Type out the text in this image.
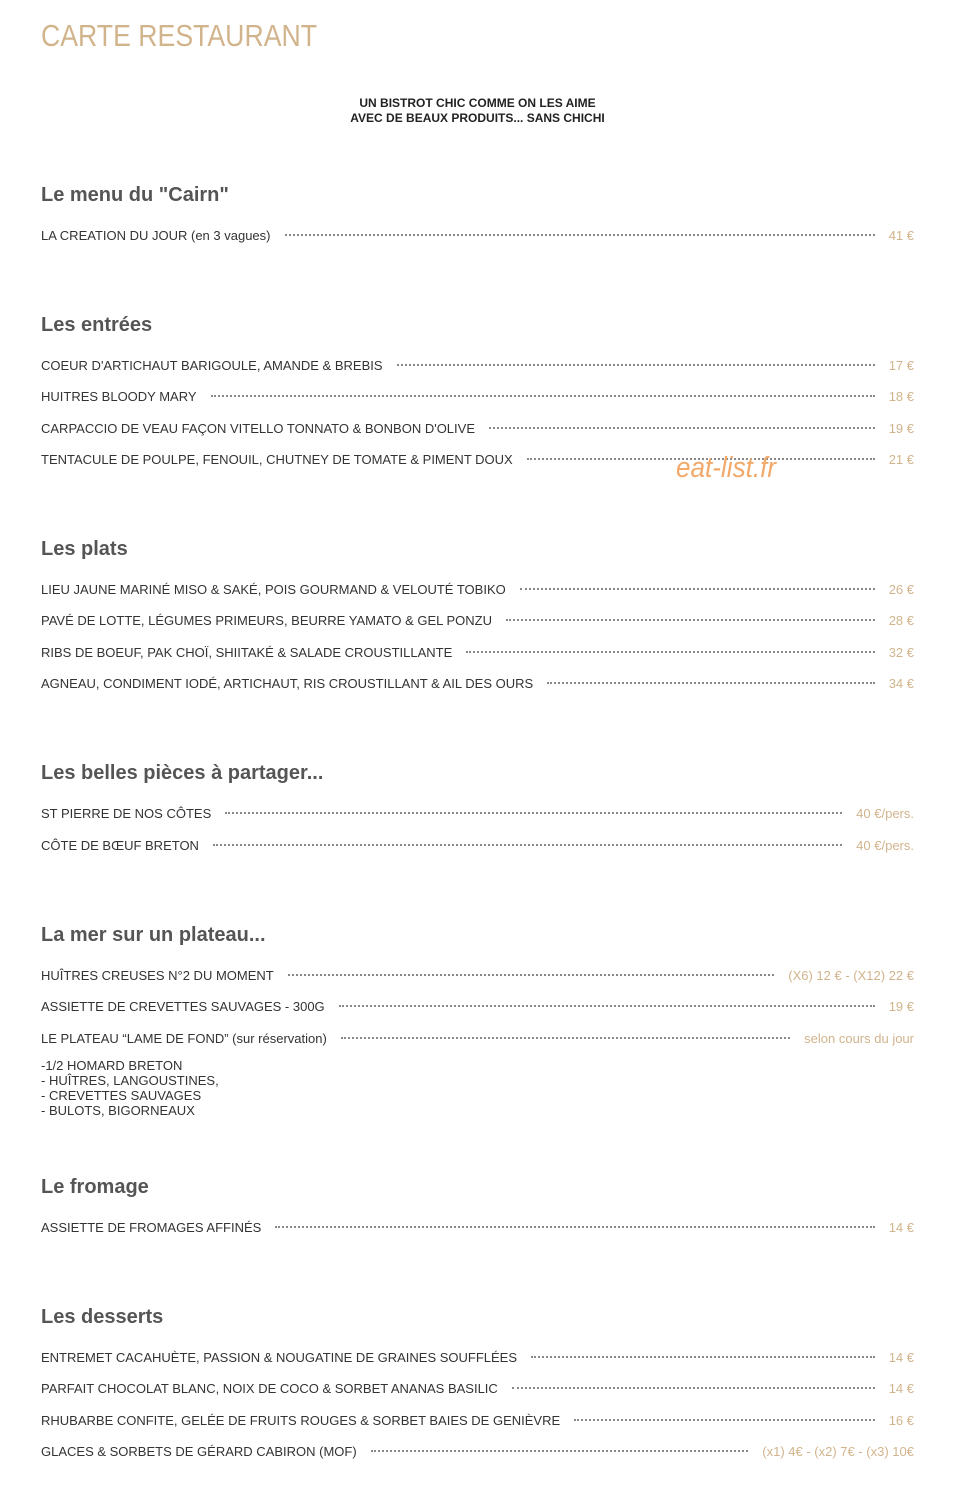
CARTE RESTAURANT
UN BISTROT CHIC COMME ON LES AIME
AVEC DE BEAUX PRODUITS... SANS CHICHI
Le menu du "Cairn"
LA CREATION DU JOUR (en 3 vagues)	41 €
Les entrées
COEUR D'ARTICHAUT BARIGOULE, AMANDE & BREBIS	17 €
HUITRES BLOODY MARY	18 €
CARPACCIO DE VEAU FAÇON VITELLO TONNATO & BONBON D'OLIVE	19 €
TENTACULE DE POULPE, FENOUIL, CHUTNEY DE TOMATE & PIMENT DOUX	21 €
eat-list.fr
Les plats
LIEU JAUNE MARINÉ MISO & SAKÉ, POIS GOURMAND & VELOUTÉ TOBIKO	26 €
PAVÉ DE LOTTE, LÉGUMES PRIMEURS, BEURRE YAMATO & GEL PONZU	28 €
RIBS DE BOEUF, PAK CHOÏ, SHIITAKÉ & SALADE CROUSTILLANTE	32 €
AGNEAU, CONDIMENT IODÉ, ARTICHAUT, RIS CROUSTILLANT & AIL DES OURS	34 €
Les belles pièces à partager...
ST PIERRE DE NOS CÔTES	40 €/pers.
CÔTE DE BŒUF BRETON	40 €/pers.
La mer sur un plateau...
HUÎTRES CREUSES N°2 DU MOMENT	(X6) 12 € - (X12) 22 €
ASSIETTE DE CREVETTES SAUVAGES - 300G	19 €
LE PLATEAU “LAME DE FOND” (sur réservation)	selon cours du jour
-1/2 HOMARD BRETON
- HUÎTRES, LANGOUSTINES,
- CREVETTES SAUVAGES
- BULOTS, BIGORNEAUX
Le fromage
ASSIETTE DE FROMAGES AFFINÉS	14 €
Les desserts
ENTREMET CACAHUÈTE, PASSION & NOUGATINE DE GRAINES SOUFFLÉES	14 €
PARFAIT CHOCOLAT BLANC, NOIX DE COCO & SORBET ANANAS BASILIC	14 €
RHUBARBE CONFITE, GELÉE DE FRUITS ROUGES & SORBET BAIES DE GENIÈVRE	16 €
GLACES & SORBETS DE GÉRARD CABIRON (MOF)	(x1) 4€ - (x2) 7€ - (x3) 10€
